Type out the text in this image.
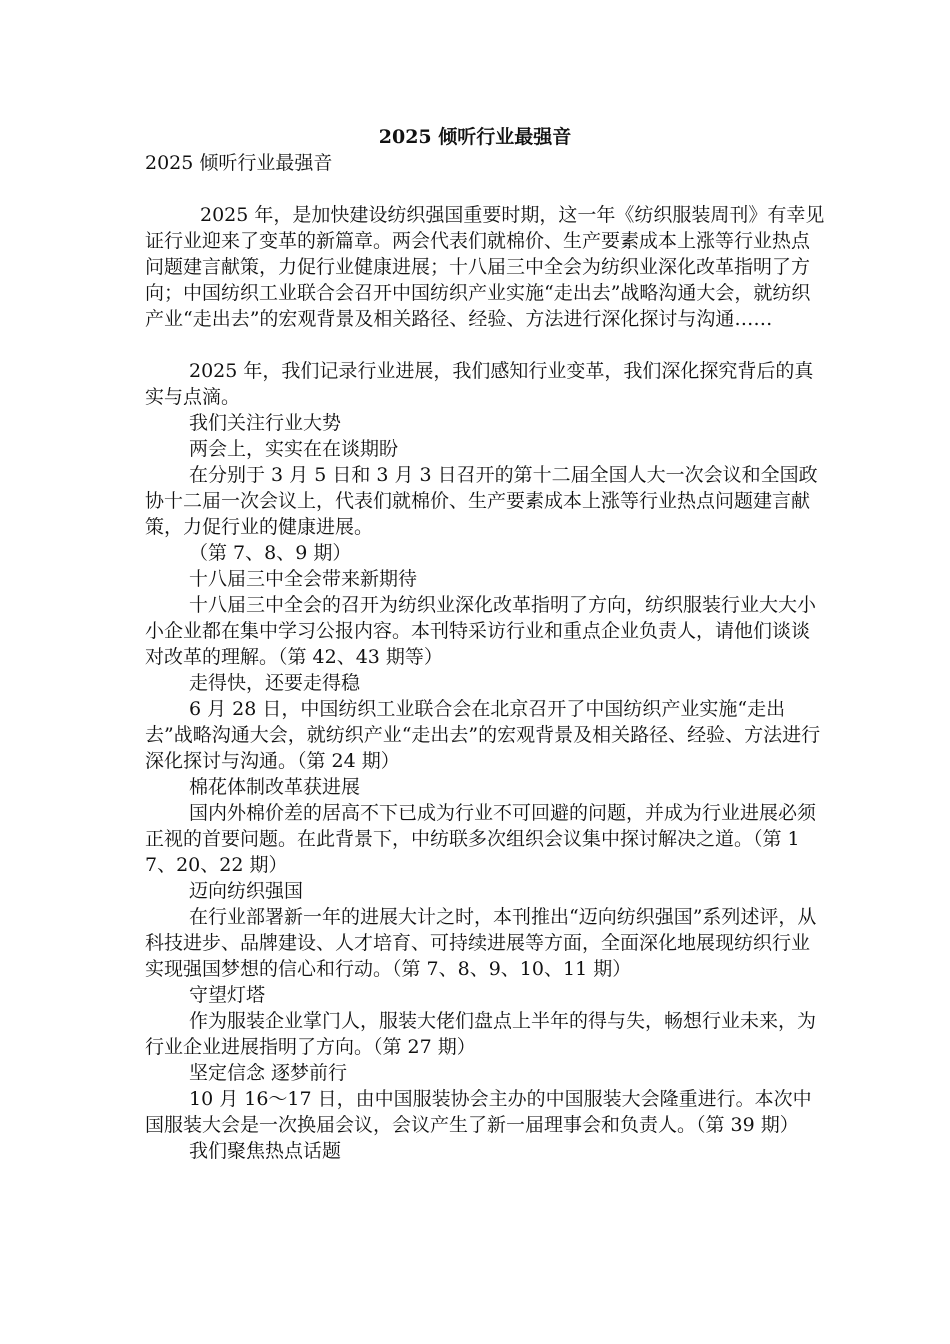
2025 倾听行业最强音

2025 倾听行业最强音

2025 年，是加快建设纺织强国重要时期，这一年《纺织服装周刊》有幸见证行业迎来了变革的新篇章。两会代表们就棉价、生产要素成本上涨等行业热点问题建言献策，力促行业健康进展；十八届三中全会为纺织业深化改革指明了方向；中国纺织工业联合会召开中国纺织产业实施“走出去”战略沟通大会，就纺织产业“走出去”的宏观背景及相关路径、经验、方法进行深化探讨与沟通……

2025 年，我们记录行业进展，我们感知行业变革，我们深化探究背后的真实与点滴。

我们关注行业大势

两会上，实实在在谈期盼

在分别于 3 月 5 日和 3 月 3 日召开的第十二届全国人大一次会议和全国政协十二届一次会议上，代表们就棉价、生产要素成本上涨等行业热点问题建言献策，力促行业的健康进展。

（第 7、8、9 期）

十八届三中全会带来新期待

十八届三中全会的召开为纺织业深化改革指明了方向，纺织服装行业大大小小企业都在集中学习公报内容。本刊特采访行业和重点企业负责人，请他们谈谈对改革的理解。（第 42、43 期等）

走得快，还要走得稳

6 月 28 日，中国纺织工业联合会在北京召开了中国纺织产业实施“走出去”战略沟通大会，就纺织产业“走出去”的宏观背景及相关路径、经验、方法进行深化探讨与沟通。（第 24 期）

棉花体制改革获进展

国内外棉价差的居高不下已成为行业不可回避的问题，并成为行业进展必须正视的首要问题。在此背景下，中纺联多次组织会议集中探讨解决之道。（第 17、20、22 期）

迈向纺织强国

在行业部署新一年的进展大计之时，本刊推出“迈向纺织强国”系列述评，从科技进步、品牌建设、人才培育、可持续进展等方面，全面深化地展现纺织行业实现强国梦想的信心和行动。（第 7、8、9、10、11 期）

守望灯塔

作为服装企业掌门人，服装大佬们盘点上半年的得与失，畅想行业未来，为行业企业进展指明了方向。（第 27 期）

坚定信念 逐梦前行

10 月 16～17 日，由中国服装协会主办的中国服装大会隆重进行。本次中国服装大会是一次换届会议，会议产生了新一届理事会和负责人。（第 39 期）

我们聚焦热点话题
